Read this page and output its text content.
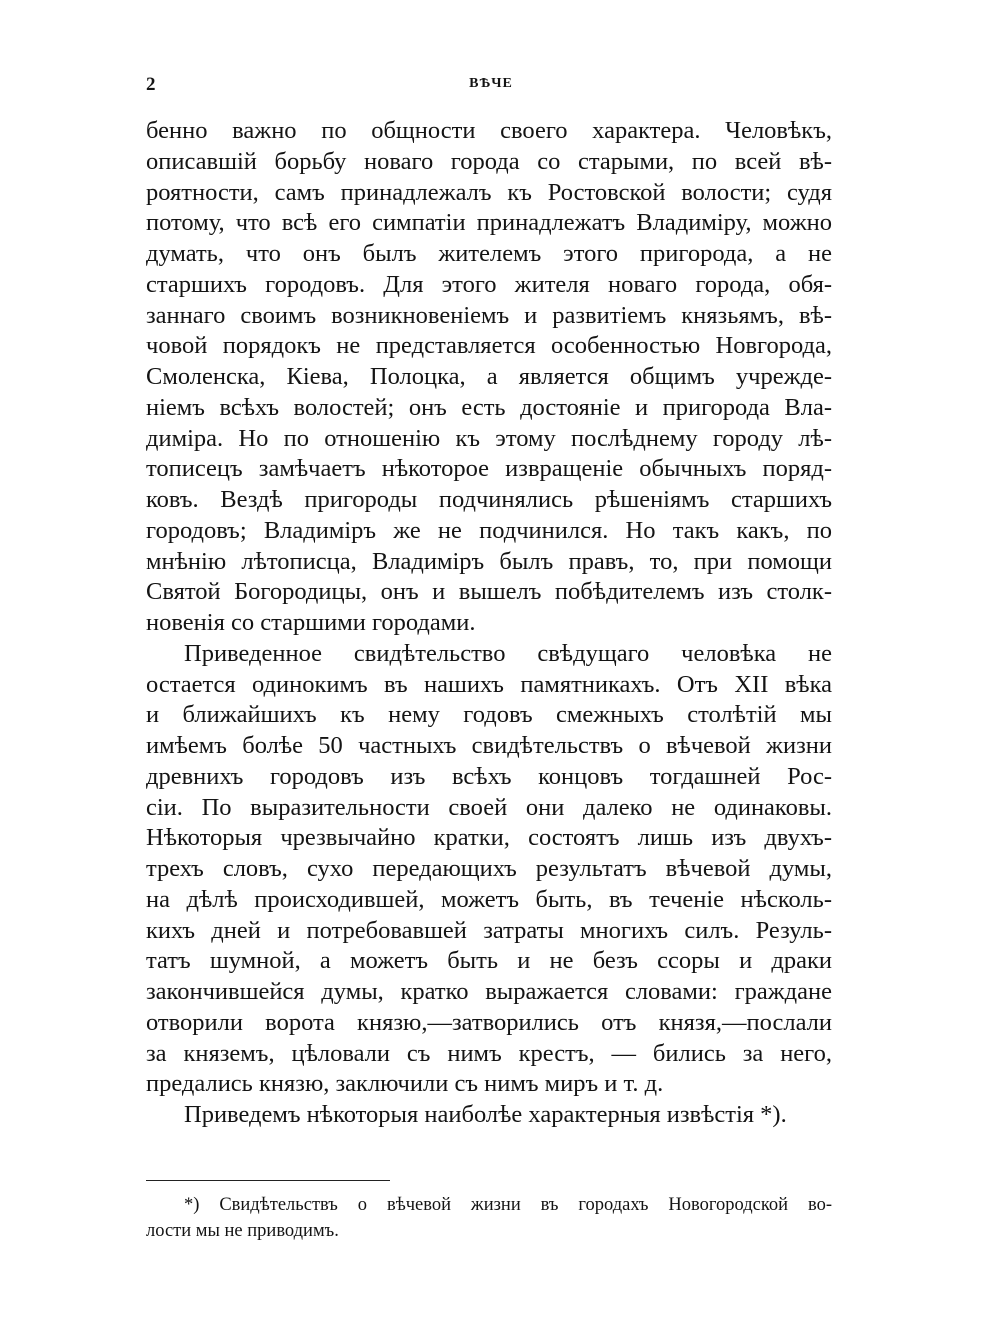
2	ВѢЧЕ
бенно важно по общности своего характера. Человѣкъ,
описавшій борьбу новаго города со старыми, по всей вѣ-
роятности, самъ принадлежалъ къ Ростовской волости; судя
потому, что всѣ его симпатіи принадлежатъ Владиміру, можно
думать, что онъ былъ жителемъ этого пригорода, а не
старшихъ городовъ. Для этого жителя новаго города, обя-
заннаго своимъ возникновеніемъ и развитіемъ князьямъ, вѣ-
човой порядокъ не представляется особенностью Новгорода,
Смоленска, Кіева, Полоцка, а является общимъ учрежде-
ніемъ всѣхъ волостей; онъ есть достояніе и пригорода Вла-
диміра. Но по отношенію къ этому послѣднему городу лѣ-
тописецъ замѣчаетъ нѣкоторое извращеніе обычныхъ поряд-
ковъ. Вездѣ пригороды подчинялись рѣшеніямъ старшихъ
городовъ; Владиміръ же не подчинился. Но такъ какъ, по
мнѣнію лѣтописца, Владиміръ былъ правъ, то, при помощи
Святой Богородицы, онъ и вышелъ побѣдителемъ изъ столк-
новенія со старшими городами.
Приведенное свидѣтельство свѣдущаго человѣка не
остается одинокимъ въ нашихъ памятникахъ. Отъ XII вѣка
и ближайшихъ къ нему годовъ смежныхъ столѣтій мы
имѣемъ болѣе 50 частныхъ свидѣтельствъ о вѣчевой жизни
древнихъ городовъ изъ всѣхъ концовъ тогдашней Рос-
сіи. По выразительности своей они далеко не одинаковы.
Нѣкоторыя чрезвычайно кратки, состоятъ лишь изъ двухъ-
трехъ словъ, сухо передающихъ результатъ вѣчевой думы,
на дѣлѣ происходившей, можетъ быть, въ теченіе нѣсколь-
кихъ дней и потребовавшей затраты многихъ силъ. Резуль-
татъ шумной, а можетъ быть и не безъ ссоры и драки
закончившейся думы, кратко выражается словами: граждане
отворили ворота князю,—затворились отъ князя,—послали
за княземъ, цѣловали съ нимъ крестъ, — бились за него,
предались князю, заключили съ нимъ миръ и т. д.
Приведемъ нѣкоторыя наиболѣе характерныя извѣстія *).
*) Свидѣтельствъ о вѣчевой жизни въ городахъ Новогородской во-
лости мы не приводимъ.
